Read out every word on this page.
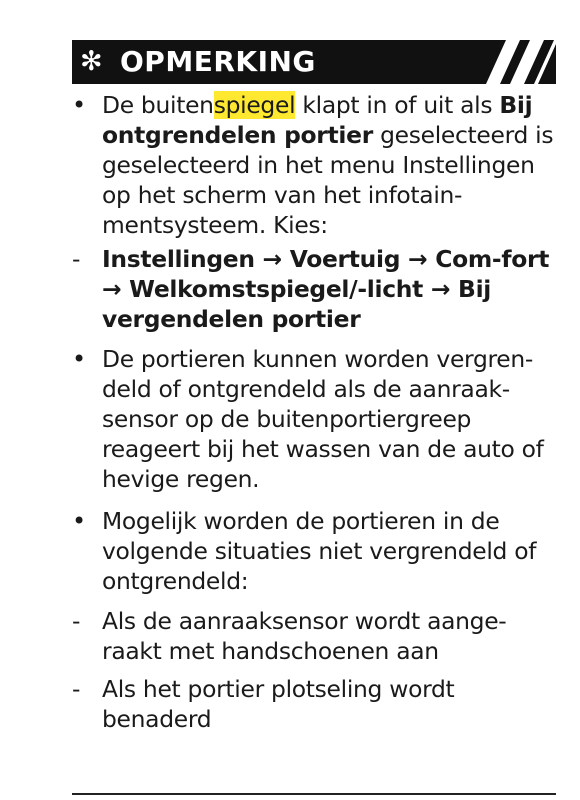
✻ OPMERKING
• De buitenspiegel klapt in of uit als Bij ontgrendelen portier geselecteerd is geselecteerd in het menu Instellingen op het scherm van het infotain-mentsysteem. Kies:
- Instellingen → Voertuig → Com-fort → Welkomstspiegel/-licht → Bij vergendelen portier
• De portieren kunnen worden vergren-deld of ontgrendeld als de aanraak-sensor op de buitenportiergreep reageert bij het wassen van de auto of hevige regen.
• Mogelijk worden de portieren in de volgende situaties niet vergrendeld of ontgrendeld:
- Als de aanraaksensor wordt aange-raakt met handschoenen aan
- Als het portier plotseling wordt benaderd
